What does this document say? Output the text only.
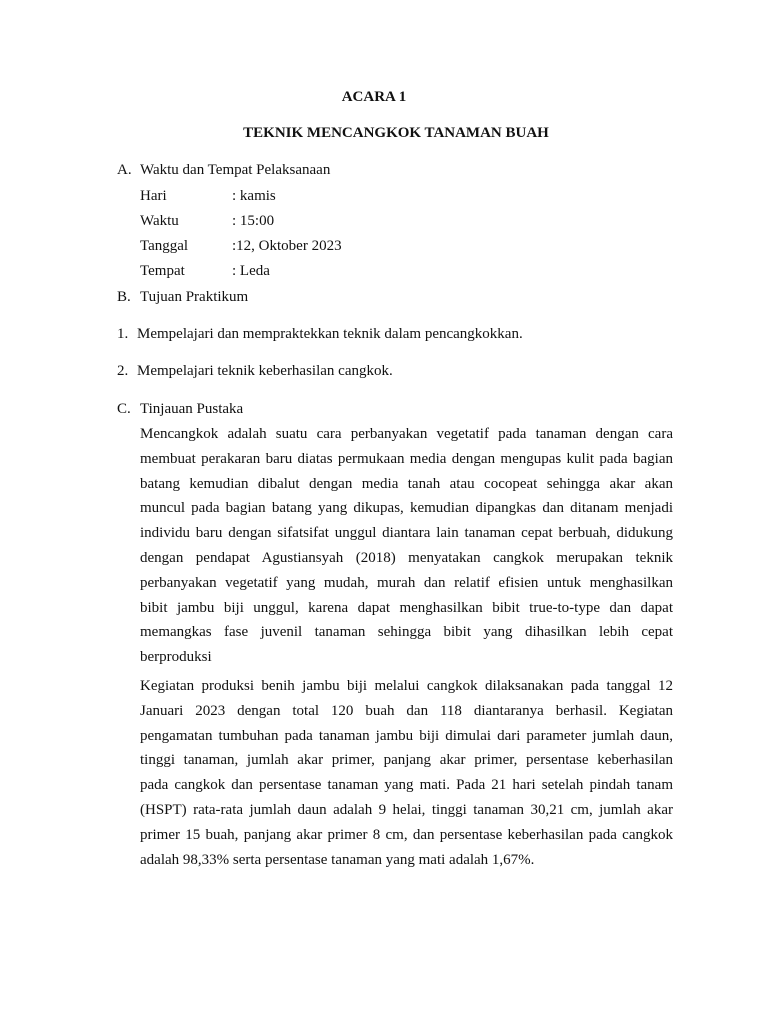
ACARA 1
TEKNIK MENCANGKOK TANAMAN BUAH
A. Waktu dan Tempat Pelaksanaan
Hari	: kamis
Waktu	: 15:00
Tanggal	:12, Oktober 2023
Tempat	: Leda
B. Tujuan Praktikum
1. Mempelajari dan mempraktekkan teknik dalam pencangkokkan.
2. Mempelajari teknik keberhasilan cangkok.
C. Tinjauan Pustaka
Mencangkok adalah suatu cara perbanyakan vegetatif pada tanaman dengan cara
membuat perakaran baru diatas permukaan media dengan mengupas kulit pada bagian
batang kemudian dibalut dengan media tanah atau cocopeat sehingga akar akan
muncul pada bagian batang yang dikupas, kemudian dipangkas dan ditanam menjadi
individu baru dengan sifatsifat unggul diantara lain tanaman cepat berbuah, didukung
dengan pendapat Agustiansyah (2018) menyatakan cangkok merupakan teknik
perbanyakan vegetatif yang mudah, murah dan relatif efisien untuk menghasilkan
bibit jambu biji unggul, karena dapat menghasilkan bibit true-to-type dan dapat
memangkas fase juvenil tanaman sehingga bibit yang dihasilkan lebih cepat
berproduksi
Kegiatan produksi benih jambu biji melalui cangkok dilaksanakan pada tanggal 12
Januari 2023 dengan total 120 buah dan 118 diantaranya berhasil. Kegiatan
pengamatan tumbuhan pada tanaman jambu biji dimulai dari parameter jumlah daun,
tinggi tanaman, jumlah akar primer, panjang akar primer, persentase keberhasilan
pada cangkok dan persentase tanaman yang mati. Pada 21 hari setelah pindah tanam
(HSPT) rata-rata jumlah daun adalah 9 helai, tinggi tanaman 30,21 cm, jumlah akar
primer 15 buah, panjang akar primer 8 cm, dan persentase keberhasilan pada cangkok
adalah 98,33% serta persentase tanaman yang mati adalah 1,67%.
